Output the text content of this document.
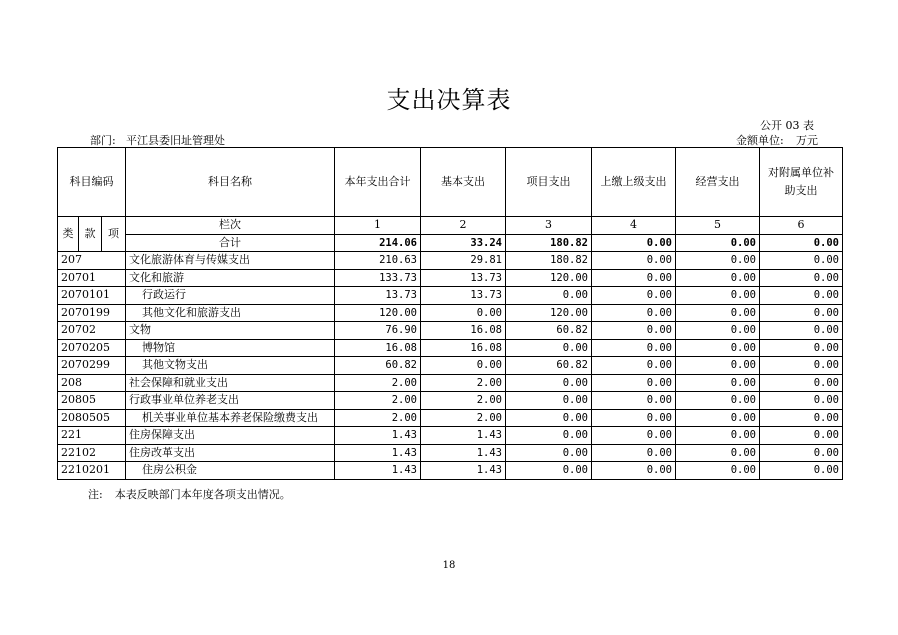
支出决算表
公开 03 表
部门: 平江县委旧址管理处	金额单位: 万元
科目编码			科目名称	本年支出合计	基本支出	项目支出	上缴上级支出	经营支出	对附属单位补助支出
类	款	项	栏次	1	2	3	4	5	6
			合计	214.06	33.24	180.82	0.00	0.00	0.00
207			文化旅游体育与传媒支出	210.63	29.81	180.82	0.00	0.00	0.00
20701			文化和旅游	133.73	13.73	120.00	0.00	0.00	0.00
2070101			行政运行	13.73	13.73	0.00	0.00	0.00	0.00
2070199			其他文化和旅游支出	120.00	0.00	120.00	0.00	0.00	0.00
20702			文物	76.90	16.08	60.82	0.00	0.00	0.00
2070205			博物馆	16.08	16.08	0.00	0.00	0.00	0.00
2070299			其他文物支出	60.82	0.00	60.82	0.00	0.00	0.00
208			社会保障和就业支出	2.00	2.00	0.00	0.00	0.00	0.00
20805			行政事业单位养老支出	2.00	2.00	0.00	0.00	0.00	0.00
2080505			机关事业单位基本养老保险缴费支出	2.00	2.00	0.00	0.00	0.00	0.00
221			住房保障支出	1.43	1.43	0.00	0.00	0.00	0.00
22102			住房改革支出	1.43	1.43	0.00	0.00	0.00	0.00
2210201			住房公积金	1.43	1.43	0.00	0.00	0.00	0.00
注: 本表反映部门本年度各项支出情况。
18
